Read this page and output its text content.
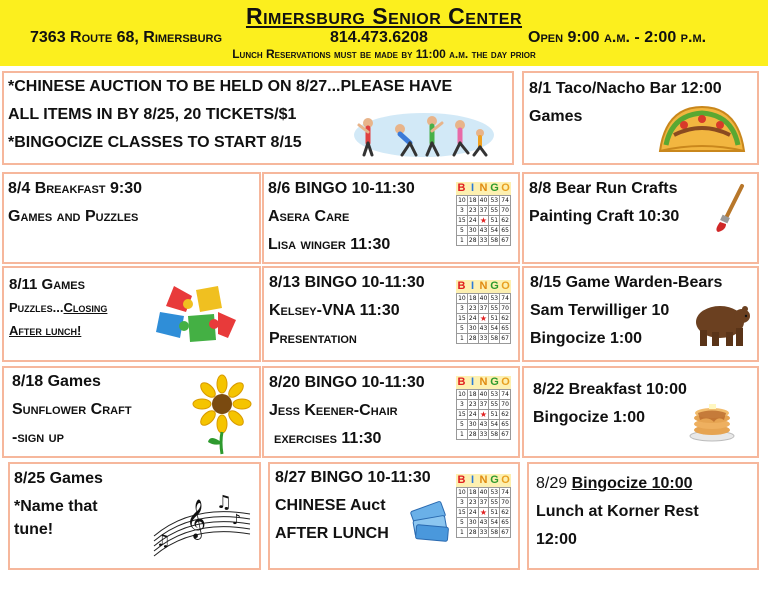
Rimersburg Senior Center
7363 Route 68, Rimersburg	814.473.6208	Open 9:00 a.m. - 2:00 p.m.
Lunch Reservations must be made by 11:00 a.m. the day prior
*CHINESE AUCTION TO BE HELD ON 8/27...PLEASE HAVE
ALL ITEMS IN BY 8/25, 20 TICKETS/$1
*BINGOCIZE CLASSES TO START 8/15
8/1 Taco/Nacho Bar 12:00
Games
8/4 Breakfast 9:30
Games and Puzzles
8/6 BINGO 10-11:30
Asera Care
Lisa winger 11:30
B I N G O
10	18	40	53	74
3	23	37	55	70
15	24	★	51	62
5	30	43	54	65
1	28	33	58	67
8/8 Bear Run Crafts
Painting Craft 10:30
8/11 Games
Puzzles...Closing
After lunch!
8/13 BINGO 10-11:30
Kelsey-VNA 11:30
Presentation
B I N G O
10	18	40	53	74
3	23	37	55	70
15	24	★	51	62
5	30	43	54	65
1	28	33	58	67
8/15 Game Warden-Bears
Sam Terwilliger 10
Bingocize 1:00
8/18 Games
Sunflower Craft
-sign up
8/20 BINGO 10-11:30
Jess Keener-Chair
exercises 11:30
B I N G O
10	18	40	53	74
3	23	37	55	70
15	24	★	51	62
5	30	43	54	65
1	28	33	58	67
8/22 Breakfast 10:00
Bingocize 1:00
8/25 Games
*Name that
tune!	𝄞 ♫
♪
♫
8/27 BINGO 10-11:30
CHINESE Auct
AFTER LUNCH
B I N G O
10	18	40	53	74
3	23	37	55	70
15	24	★	51	62
5	30	43	54	65
1	28	33	58	67
8/29 Bingocize 10:00
Lunch at Korner Rest
12:00
